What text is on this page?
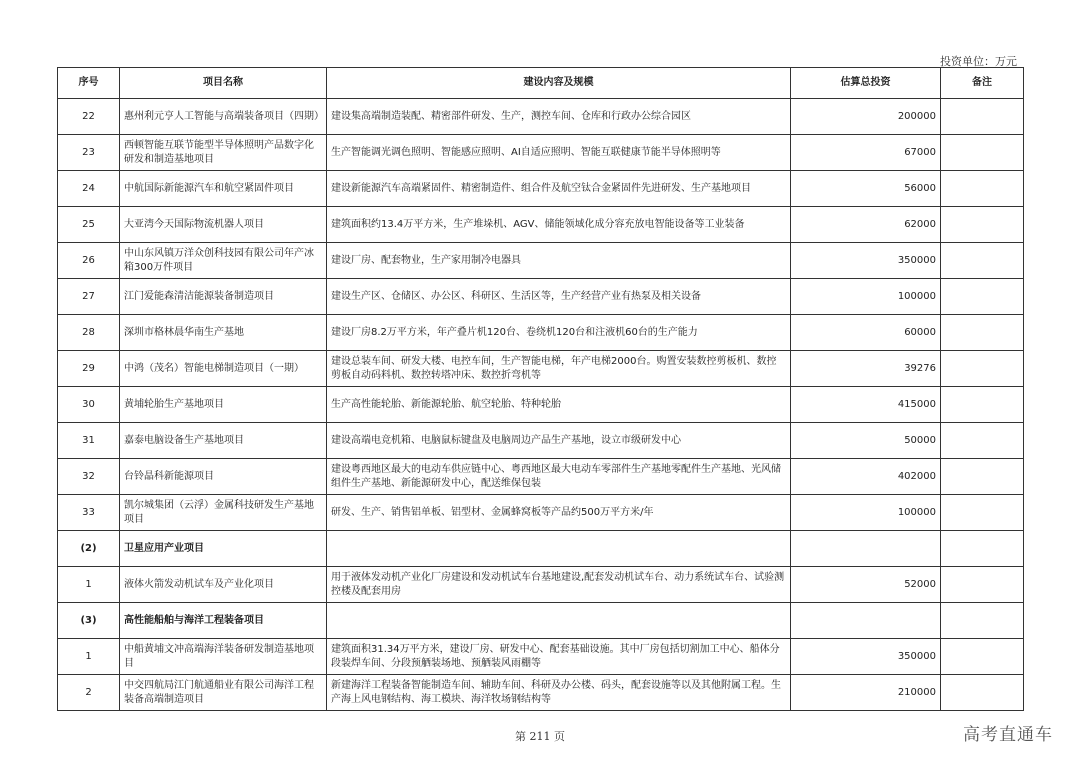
投资单位：万元
序号	项目名称	建设内容及规模	估算总投资	备注
22	惠州利元亨人工智能与高端装备项目（四期）	建设集高端制造装配、精密部件研发、生产，测控车间、仓库和行政办公综合园区	200000	
23	西顿智能互联节能型半导体照明产品数字化研发和制造基地项目	生产智能调光调色照明、智能感应照明、AI自适应照明、智能互联健康节能半导体照明等	67000	
24	中航国际新能源汽车和航空紧固件项目	建设新能源汽车高端紧固件、精密制造件、组合件及航空钛合金紧固件先进研发、生产基地项目	56000	
25	大亚湾今天国际物流机器人项目	建筑面积约13.4万平方米，生产堆垛机、AGV、储能领域化成分容充放电智能设备等工业装备	62000	
26	中山东风镇万洋众创科技园有限公司年产冰箱300万件项目	建设厂房、配套物业，生产家用制冷电器具	350000	
27	江门爱能森清洁能源装备制造项目	建设生产区、仓储区、办公区、科研区、生活区等，生产经营产业有热泵及相关设备	100000	
28	深圳市格林晨华南生产基地	建设厂房8.2万平方米，年产叠片机120台、卷绕机120台和注液机60台的生产能力	60000	
29	中鸿（茂名）智能电梯制造项目（一期）	建设总装车间、研发大楼、电控车间，生产智能电梯，年产电梯2000台。购置安装数控剪板机、数控剪板自动码料机、数控转塔冲床、数控折弯机等	39276	
30	黄埔轮胎生产基地项目	生产高性能轮胎、新能源轮胎、航空轮胎、特种轮胎	415000	
31	嘉泰电脑设备生产基地项目	建设高端电竞机箱、电脑鼠标键盘及电脑周边产品生产基地，设立市级研发中心	50000	
32	台铃晶科新能源项目	建设粤西地区最大的电动车供应链中心、粤西地区最大电动车零部件生产基地零配件生产基地、光风储组件生产基地、新能源研发中心，配送维保包装	402000	
33	凯尔城集团（云浮）金属科技研发生产基地项目	研发、生产、销售铝单板、铝型材、金属蜂窝板等产品约500万平方米/年	100000	
(2)	卫星应用产业项目			
1	液体火箭发动机试车及产业化项目	用于液体发动机产业化厂房建设和发动机试车台基地建设,配套发动机试车台、动力系统试车台、试验测控楼及配套用房	52000	
(3)	高性能船舶与海洋工程装备项目			
1	中船黄埔文冲高端海洋装备研发制造基地项目	建筑面积31.34万平方米，建设厂房、研发中心、配套基础设施。其中厂房包括切割加工中心、船体分段装焊车间、分段预舾装场地、预舾装风雨棚等	350000	
2	中交四航局江门航通船业有限公司海洋工程装备高端制造项目	新建海洋工程装备智能制造车间、辅助车间、科研及办公楼、码头，配套设施等以及其他附属工程。生产海上风电钢结构、海工模块、海洋牧场钢结构等	210000	
第 211 页	高考直通车
